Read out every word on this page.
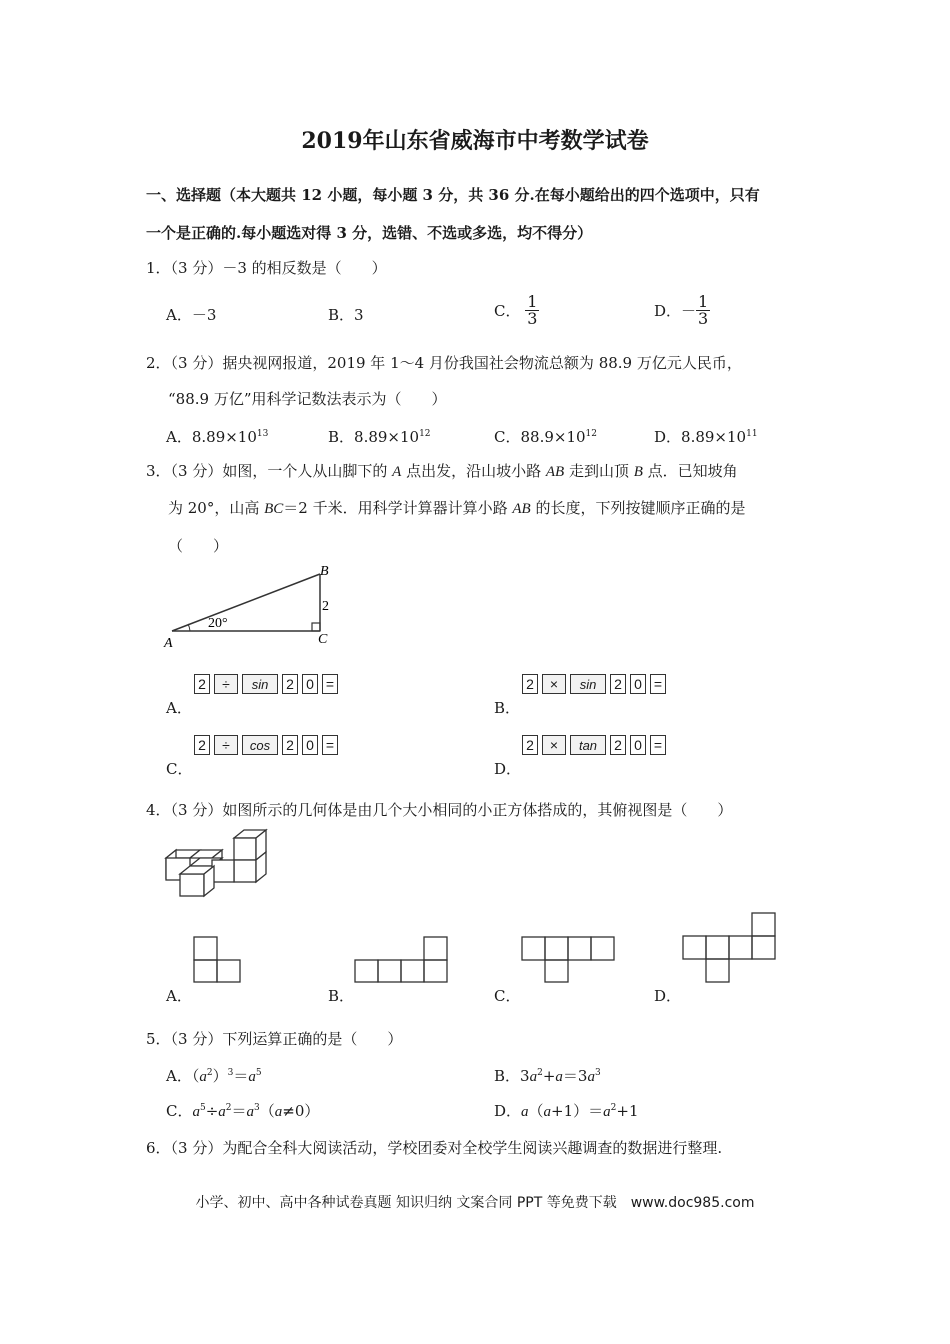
2019年山东省威海市中考数学试卷
一、选择题（本大题共 12 小题，每小题 3 分，共 36 分.在每小题给出的四个选项中，只有
一个是正确的.每小题选对得 3 分，选错、不选或多选，均不得分）
1．（3 分）－3 的相反数是（　　）
A．－3	B．3	C． $\frac{1}{3}$	D．－ $\frac{1}{3}$
2．（3 分）据央视网报道，2019 年 1～4 月份我国社会物流总额为 88.9 万亿元人民币，
“88.9 万亿”用科学记数法表示为（　　）
A．$8.89\times 10^{13}$	B．$8.89\times 10^{12}$	C．$88.9\times 10^{12}$	D．$8.89\times 10^{11}$
3．（3 分）如图，一个人从山脚下的 A 点出发，沿山坡小路 AB 走到山顶 B 点．已知坡角
为 20°，山高 BC＝2 千米．用科学计算器计算小路 AB 的长度，下列按键顺序正确的是
（　　）
A
B
C
20°
2
2	÷	sin	2 0 =
A．
2	×	sin	2 0 =
B．
2	÷	cos	2 0 =
C．
2	×	tan	2 0 =
D．
4．（3 分）如图所示的几何体是由几个大小相同的小正方体搭成的，其俯视图是（　　）
A．	B．	C．	D．
5．（3 分）下列运算正确的是（　　）
A．$(a^2)^3=a^5$	B．$3a^2+a=3a^3$
C．$a^5\div a^2=a^3(a\ne 0)$	D．$a(a+1)=a^2+1$
6．（3 分）为配合全科大阅读活动，学校团委对全校学生阅读兴趣调查的数据进行整理.
小学、初中、高中各种试卷真题 知识归纳 文案合同 PPT 等免费下载　www.doc985.com
